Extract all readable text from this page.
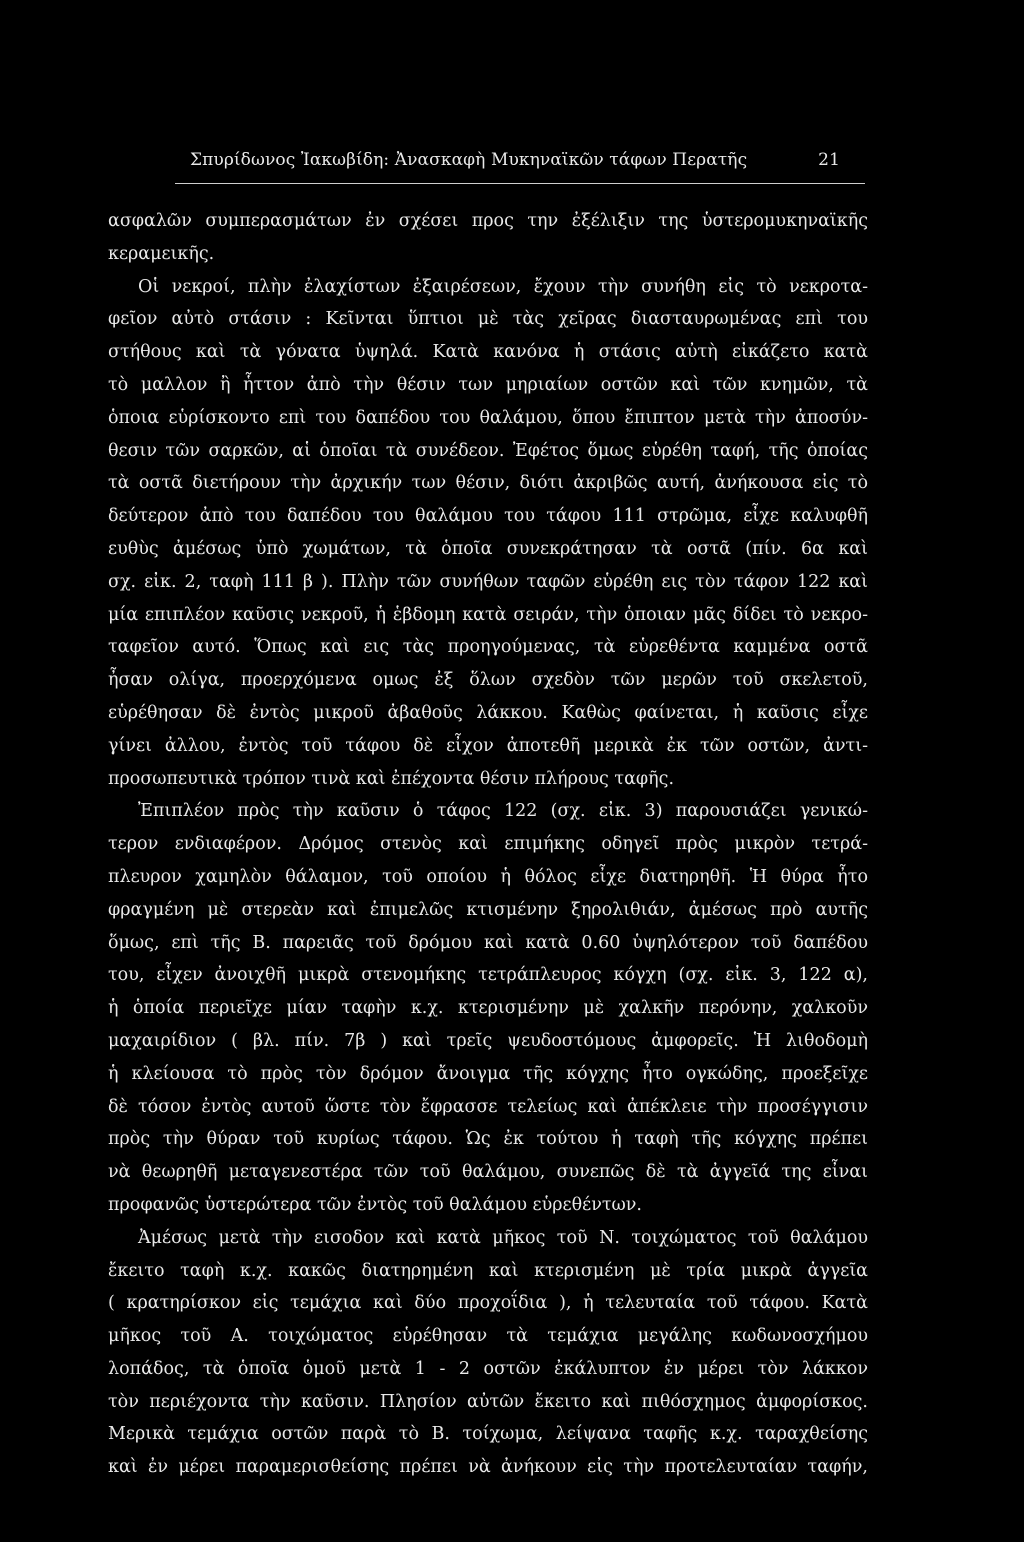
Σπυρίδωνος Ἰακωβίδη: Ἀνασκαφὴ Μυκηναϊκῶν τάφων Περατῆς	21
ασφαλῶν συμπερασμάτων ἐν σχέσει προς την ἐξέλιξιν της ὑστερομυκηναϊκῆς
κεραμεικῆς.
Οἱ νεκροί, πλὴν ἐλαχίστων ἐξαιρέσεων, ἔχουν τὴν συνήθη εἰς τὸ νεκροτα-
φεῖον αὐτὸ στάσιν : Κεῖνται ὕπτιοι μὲ τὰς χεῖρας διασταυρωμένας επὶ του
στήθους καὶ τὰ γόνατα ὑψηλά. Κατὰ κανόνα ἡ στάσις αὐτὴ εἰκάζετο κατὰ
τὸ μαλλον ἢ ἧττον ἀπὸ τὴν θέσιν των μηριαίων οστῶν καὶ τῶν κνημῶν, τὰ
ὁποια εὑρίσκοντο επὶ του δαπέδου του θαλάμου, ὅπου ἔπιπτον μετὰ τὴν ἀποσύν-
θεσιν τῶν σαρκῶν, αἱ ὁποῖαι τὰ συνέδεον. Ἐφέτος ὅμως εὑρέθη ταφή, τῆς ὁποίας
τὰ οστᾶ διετήρουν τὴν ἀρχικήν των θέσιν, διότι ἀκριβῶς αυτή, ἀνήκουσα εἰς τὸ
δεύτερον ἀπὸ του δαπέδου του θαλάμου του τάφου 111 στρῶμα, εἶχε καλυφθῆ
ευθὺς ἀμέσως ὑπὸ χωμάτων, τὰ ὁποῖα συνεκράτησαν τὰ οστᾶ (πίν. 6α καὶ
σχ. εἰκ. 2, ταφὴ 111 β ). Πλὴν τῶν συνήθων ταφῶν εὑρέθη εις τὸν τάφον 122 καὶ
μία επιπλέον καῦσις νεκροῦ, ἡ ἑβδομη κατὰ σειράν, τὴν ὁποιαν μᾶς δίδει τὸ νεκρο-
ταφεῖον αυτό. Ὅπως καὶ εις τὰς προηγούμενας, τὰ εὑρεθέντα καμμένα οστᾶ
ἦσαν ολίγα, προερχόμενα ομως ἐξ ὅλων σχεδὸν τῶν μερῶν τοῦ σκελετοῦ,
εὑρέθησαν δὲ ἐντὸς μικροῦ ἀβαθοῦς λάκκου. Καθὼς φαίνεται, ἡ καῦσις εἶχε
γίνει ἀλλου, ἐντὸς τοῦ τάφου δὲ εἶχον ἀποτεθῆ μερικὰ ἐκ τῶν οστῶν, ἀντι-
προσωπευτικὰ τρόπον τινὰ καὶ ἐπέχοντα θέσιν πλήρους ταφῆς.
Ἐπιπλέον πρὸς τὴν καῦσιν ὁ τάφος 122 (σχ. εἰκ. 3) παρουσιάζει γενικώ-
τερον ενδιαφέρον. Δρόμος στενὸς καὶ επιμήκης οδηγεῖ πρὸς μικρὸν τετρά-
πλευρον χαμηλὸν θάλαμον, τοῦ οποίου ἡ θόλος εἶχε διατηρηθῆ. Ἡ θύρα ἦτο
φραγμένη μὲ στερεὰν καὶ ἐπιμελῶς κτισμένην ξηρολιθιάν, ἀμέσως πρὸ αυτῆς
ὅμως, επὶ τῆς Β. παρειᾶς τοῦ δρόμου καὶ κατὰ 0.60 ὑψηλότερον τοῦ δαπέδου
του, εἶχεν ἀνοιχθῆ μικρὰ στενομήκης τετράπλευρος κόγχη (σχ. εἰκ. 3, 122 α),
ἡ ὁποία περιεῖχε μίαν ταφὴν κ.χ. κτερισμένην μὲ χαλκῆν περόνην, χαλκοῦν
μαχαιρίδιον ( βλ. πίν. 7β ) καὶ τρεῖς ψευδοστόμους ἀμφορεῖς. Ἡ λιθοδομὴ
ἡ κλείουσα τὸ πρὸς τὸν δρόμον ἄνοιγμα τῆς κόγχης ἦτο ογκώδης, προεξεῖχε
δὲ τόσον ἐντὸς αυτοῦ ὥστε τὸν ἔφρασσε τελείως καὶ ἀπέκλειε τὴν προσέγγισιν
πρὸς τὴν θύραν τοῦ κυρίως τάφου. Ὡς ἐκ τούτου ἡ ταφὴ τῆς κόγχης πρέπει
νὰ θεωρηθῆ μεταγενεστέρα τῶν τοῦ θαλάμου, συνεπῶς δὲ τὰ ἀγγεῖά της εἶναι
προφανῶς ὑστερώτερα τῶν ἐντὸς τοῦ θαλάμου εὑρεθέντων.
Ἀμέσως μετὰ τὴν εισοδον καὶ κατὰ μῆκος τοῦ Ν. τοιχώματος τοῦ θαλάμου
ἔκειτο ταφὴ κ.χ. κακῶς διατηρημένη καὶ κτερισμένη μὲ τρία μικρὰ ἀγγεῖα
( κρατηρίσκον εἰς τεμάχια καὶ δύο προχοΐδια ), ἡ τελευταία τοῦ τάφου. Κατὰ
μῆκος τοῦ Α. τοιχώματος εὑρέθησαν τὰ τεμάχια μεγάλης κωδωνοσχήμου
λοπάδος, τὰ ὁποῖα ὁμοῦ μετὰ 1 - 2 οστῶν ἐκάλυπτον ἐν μέρει τὸν λάκκον
τὸν περιέχοντα τὴν καῦσιν. Πλησίον αὐτῶν ἔκειτο καὶ πιθόσχημος ἀμφορίσκος.
Μερικὰ τεμάχια οστῶν παρὰ τὸ Β. τοίχωμα, λείψανα ταφῆς κ.χ. ταραχθείσης
καὶ ἐν μέρει παραμερισθείσης πρέπει νὰ ἀνήκουν εἰς τὴν προτελευταίαν ταφήν,
